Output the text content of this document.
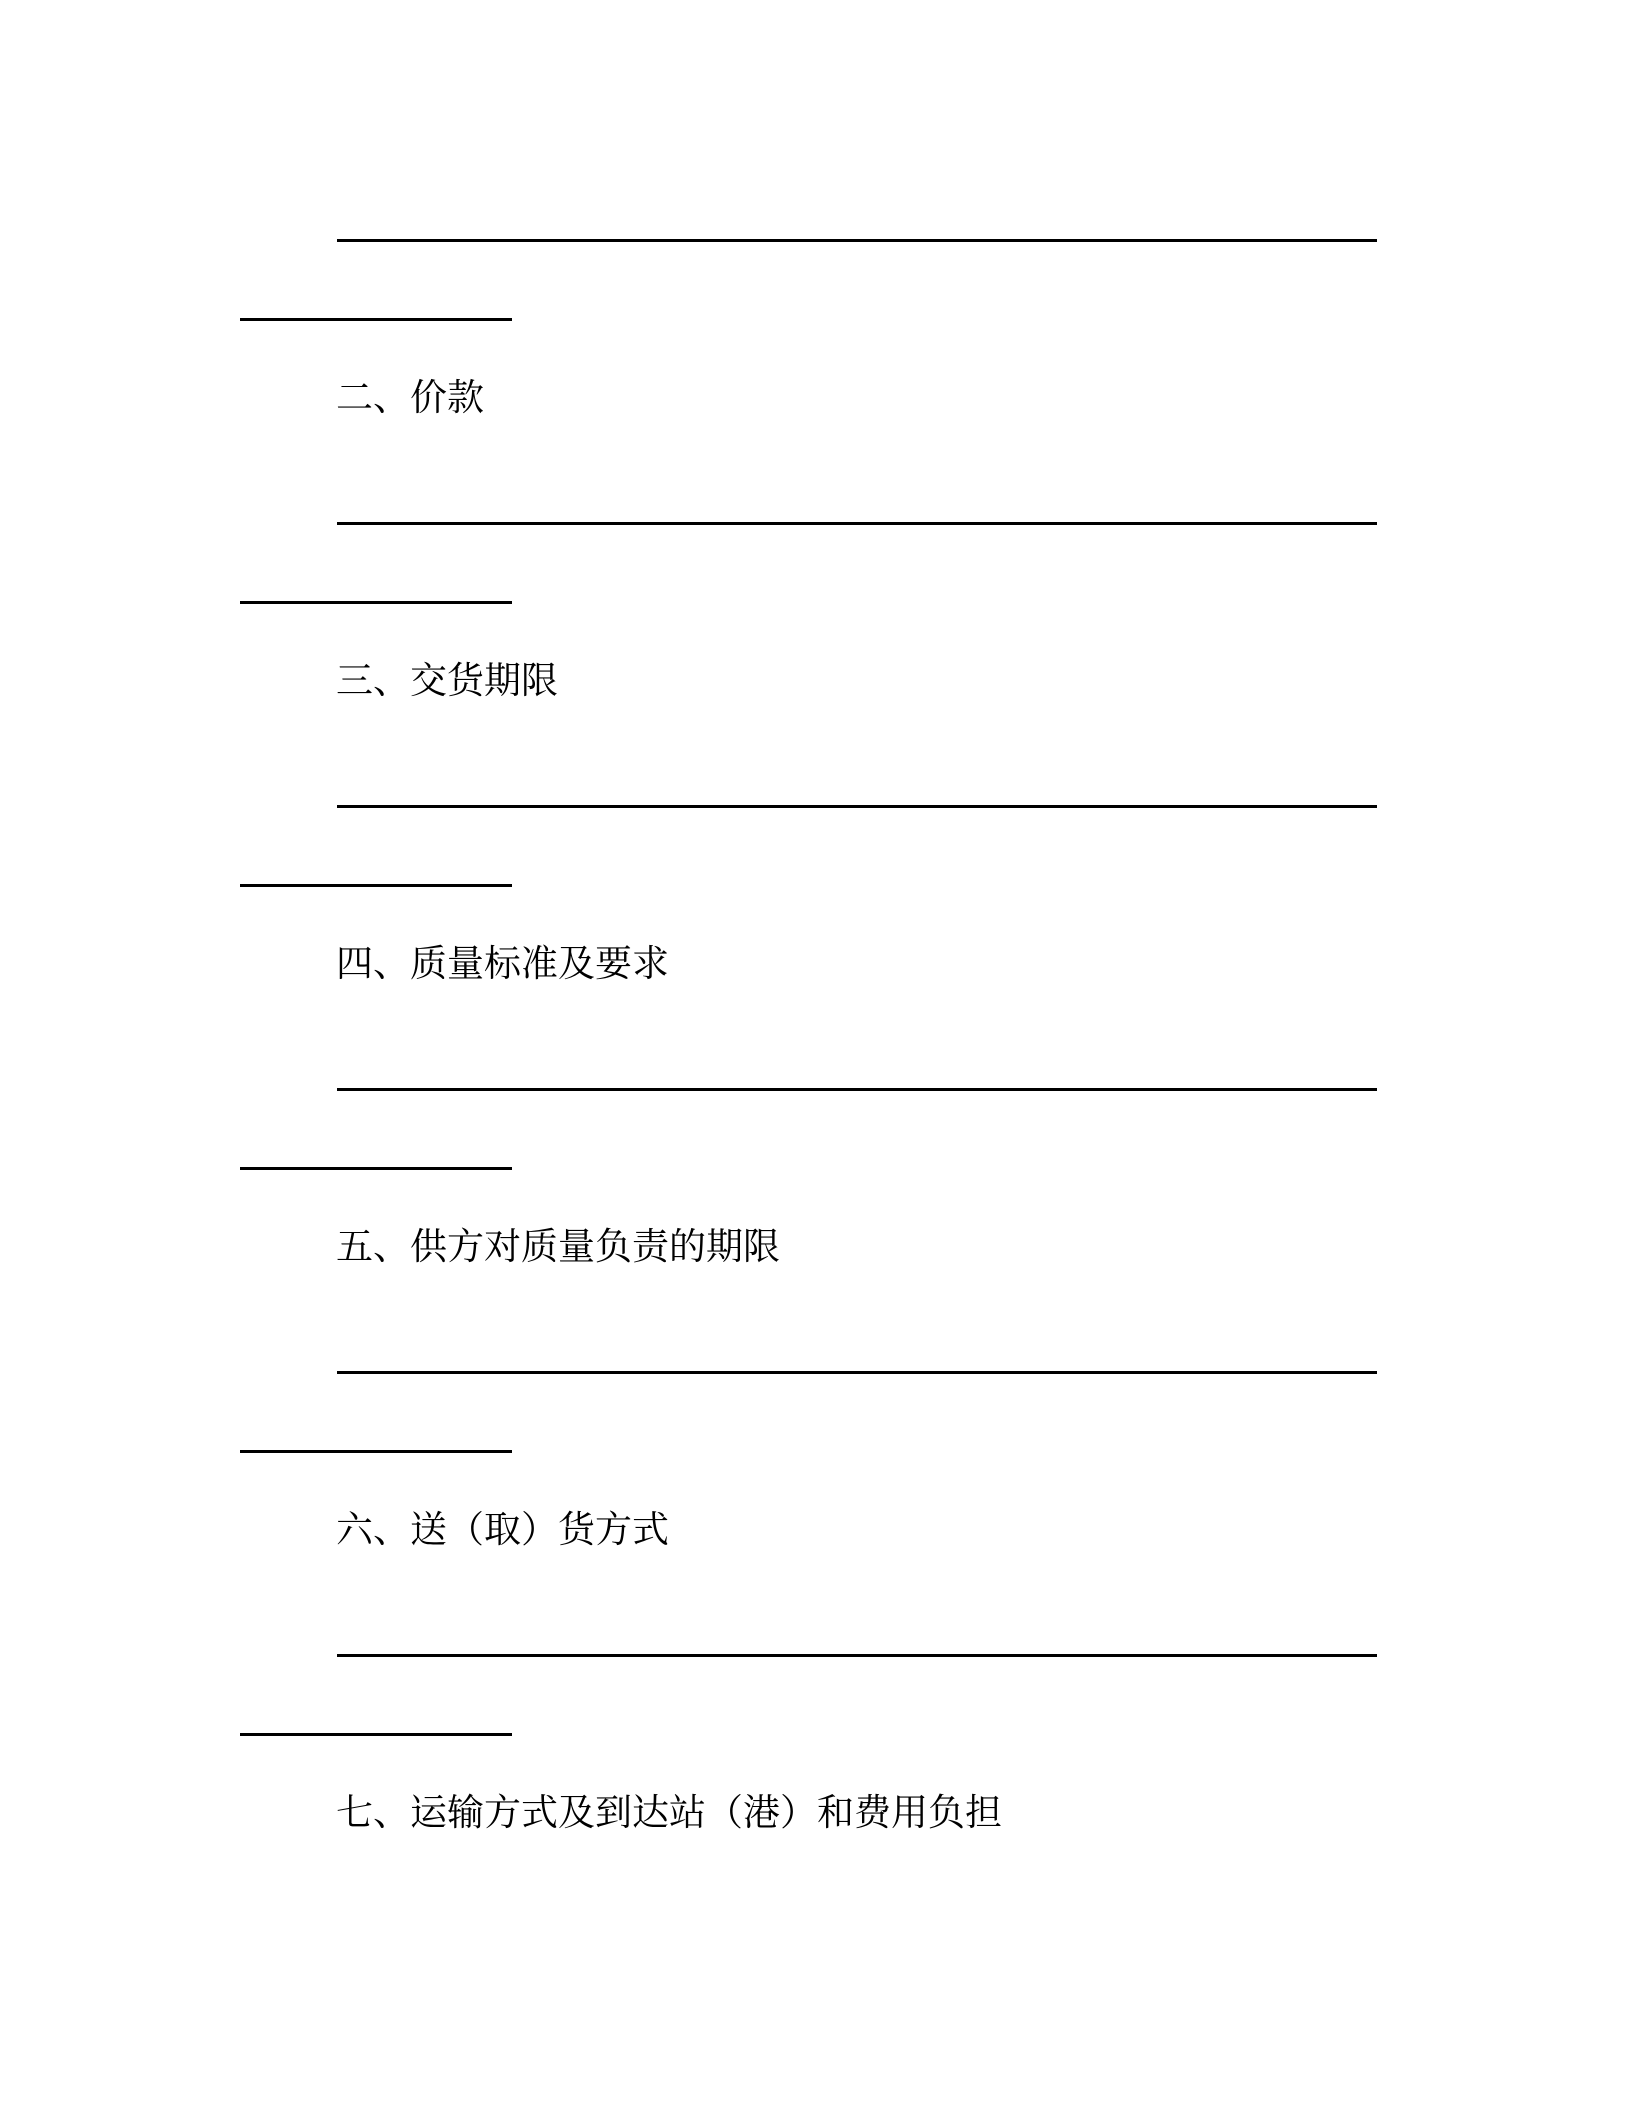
二、价款
三、交货期限
四、质量标准及要求
五、供方对质量负责的期限
六、送（取）货方式
七、运输方式及到达站（港）和费用负担
